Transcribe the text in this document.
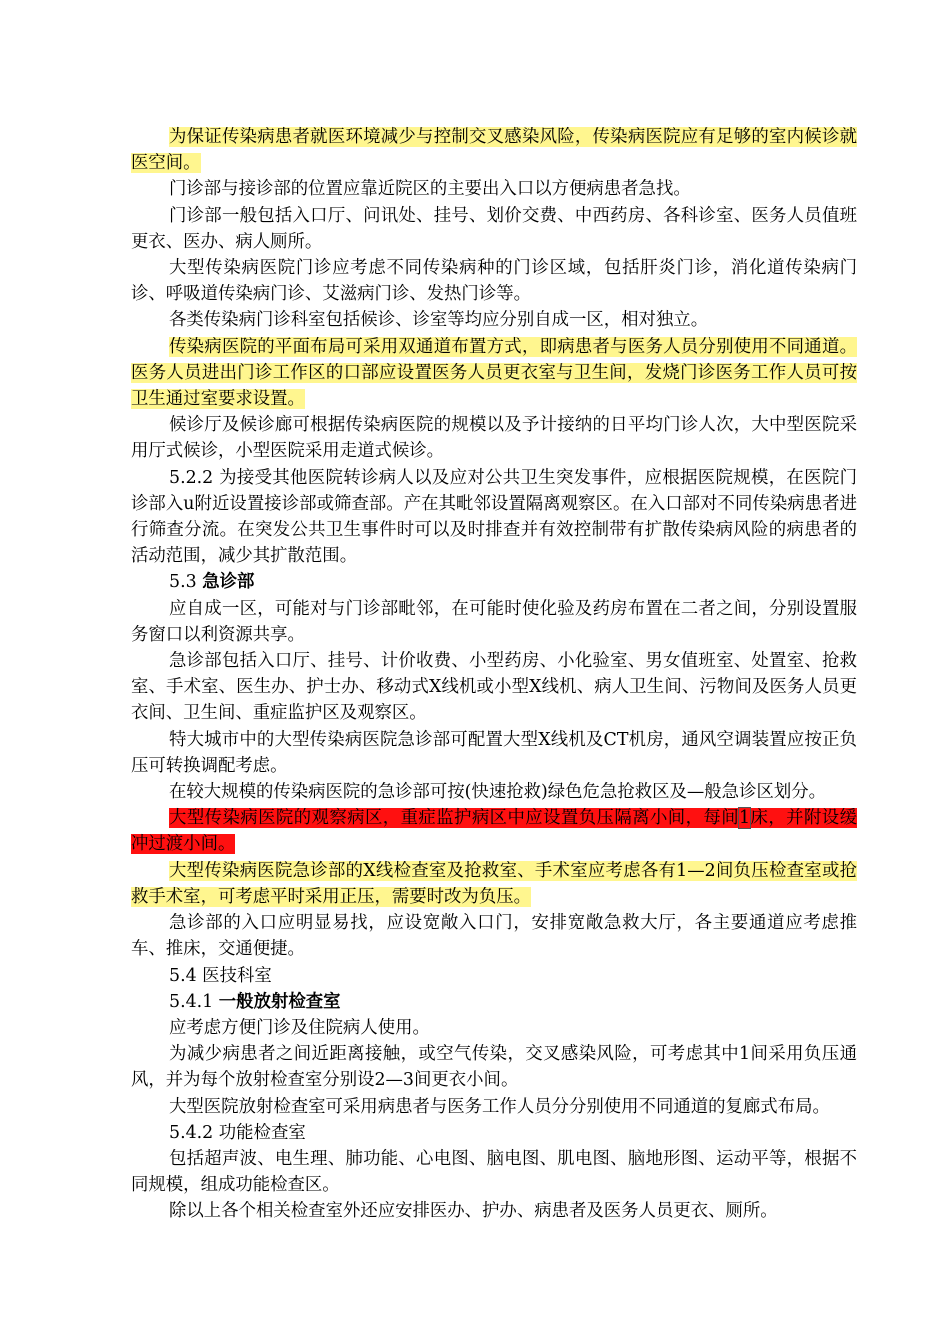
为保证传染病患者就医环境减少与控制交叉感染风险，传染病医院应有足够的室内候诊就医空间。

门诊部与接诊部的位置应靠近院区的主要出入口以方便病患者急找。

门诊部一般包括入口厅、问讯处、挂号、划价交费、中西药房、各科诊室、医务人员值班更衣、医办、病人厕所。

大型传染病医院门诊应考虑不同传染病种的门诊区域，包括肝炎门诊，消化道传染病门诊、呼吸道传染病门诊、艾滋病门诊、发热门诊等。

各类传染病门诊科室包括候诊、诊室等均应分别自成一区，相对独立。

传染病医院的平面布局可采用双通道布置方式，即病患者与医务人员分别使用不同通道。医务人员进出门诊工作区的口部应设置医务人员更衣室与卫生间，发烧门诊医务工作人员可按卫生通过室要求设置。

候诊厅及候诊廊可根据传染病医院的规模以及予计接纳的日平均门诊人次，大中型医院采用厅式候诊，小型医院采用走道式候诊。

5.2.2 为接受其他医院转诊病人以及应对公共卫生突发事件，应根据医院规模，在医院门诊部入u附近设置接诊部或筛查部。产在其毗邻设置隔离观察区。在入口部对不同传染病患者进行筛查分流。在突发公共卫生事件时可以及时排查并有效控制带有扩散传染病风险的病患者的活动范围，减少其扩散范围。

5.3 急诊部

应自成一区，可能对与门诊部毗邻，在可能时使化验及药房布置在二者之间，分别设置服务窗口以利资源共享。

急诊部包括入口厅、挂号、计价收费、小型药房、小化验室、男女值班室、处置室、抢救室、手术室、医生办、护士办、移动式X线机或小型X线机、病人卫生间、污物间及医务人员更衣间、卫生间、重症监护区及观察区。

特大城市中的大型传染病医院急诊部可配置大型X线机及CT机房，通风空调装置应按正负压可转换调配考虑。

在较大规模的传染病医院的急诊部可按(快速抢救)绿色危急抢救区及—般急诊区划分。

大型传染病医院的观察病区，重症监护病区中应设置负压隔离小间，每间1床，并附设缓冲过渡小间。

大型传染病医院急诊部的X线检查室及抢救室、手术室应考虑各有1—2间负压检查室或抢救手术室，可考虑平时采用正压，需要时改为负压。

急诊部的入口应明显易找，应设宽敞入口门，安排宽敞急救大厅，各主要通道应考虑推车、推床，交通便捷。

5.4 医技科室

5.4.1 一般放射检查室

应考虑方便门诊及住院病人使用。

为减少病患者之间近距离接触，或空气传染，交叉感染风险，可考虑其中1间采用负压通风，并为每个放射检查室分别设2—3间更衣小间。

大型医院放射检查室可采用病患者与医务工作人员分分别使用不同通道的复廊式布局。

5.4.2 功能检查室

包括超声波、电生理、肺功能、心电图、脑电图、肌电图、脑地形图、运动平等，根据不同规模，组成功能检查区。

除以上各个相关检查室外还应安排医办、护办、病患者及医务人员更衣、厕所。
